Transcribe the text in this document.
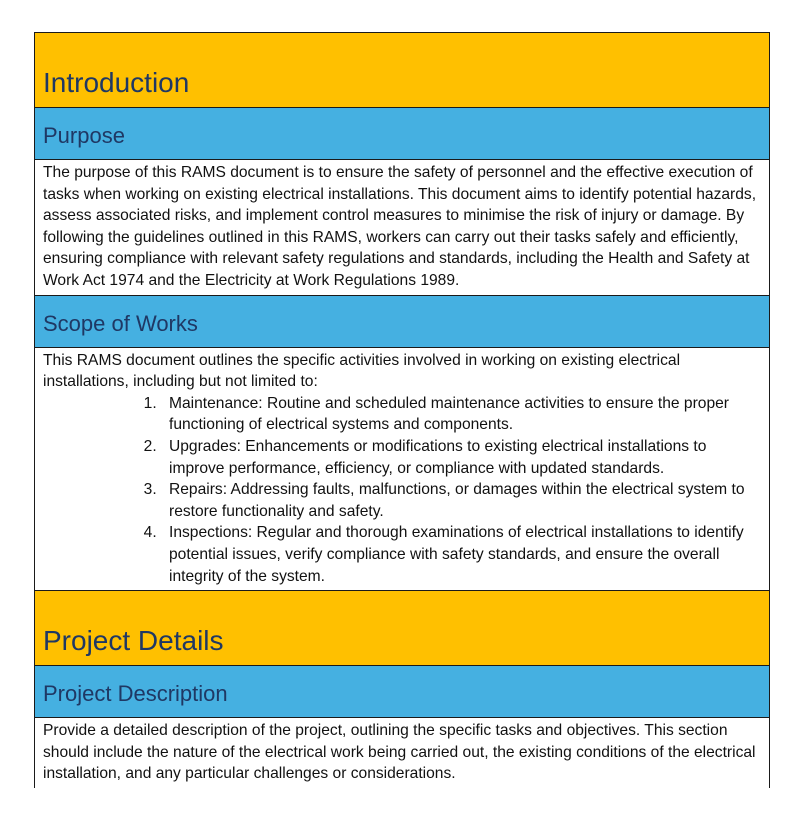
Introduction
Purpose

The purpose of this RAMS document is to ensure the safety of personnel and the effective execution of tasks when working on existing electrical installations. This document aims to identify potential hazards, assess associated risks, and implement control measures to minimise the risk of injury or damage. By following the guidelines outlined in this RAMS, workers can carry out their tasks safely and efficiently, ensuring compliance with relevant safety regulations and standards, including the Health and Safety at Work Act 1974 and the Electricity at Work Regulations 1989.

Scope of Works

This RAMS document outlines the specific activities involved in working on existing electrical installations, including but not limited to:

1. Maintenance: Routine and scheduled maintenance activities to ensure the proper functioning of electrical systems and components.
2. Upgrades: Enhancements or modifications to existing electrical installations to improve performance, efficiency, or compliance with updated standards.
3. Repairs: Addressing faults, malfunctions, or damages within the electrical system to restore functionality and safety.
4. Inspections: Regular and thorough examinations of electrical installations to identify potential issues, verify compliance with safety standards, and ensure the overall integrity of the system.
Project Details
Project Description

Provide a detailed description of the project, outlining the specific tasks and objectives. This section should include the nature of the electrical work being carried out, the existing conditions of the electrical installation, and any particular challenges or considerations.
